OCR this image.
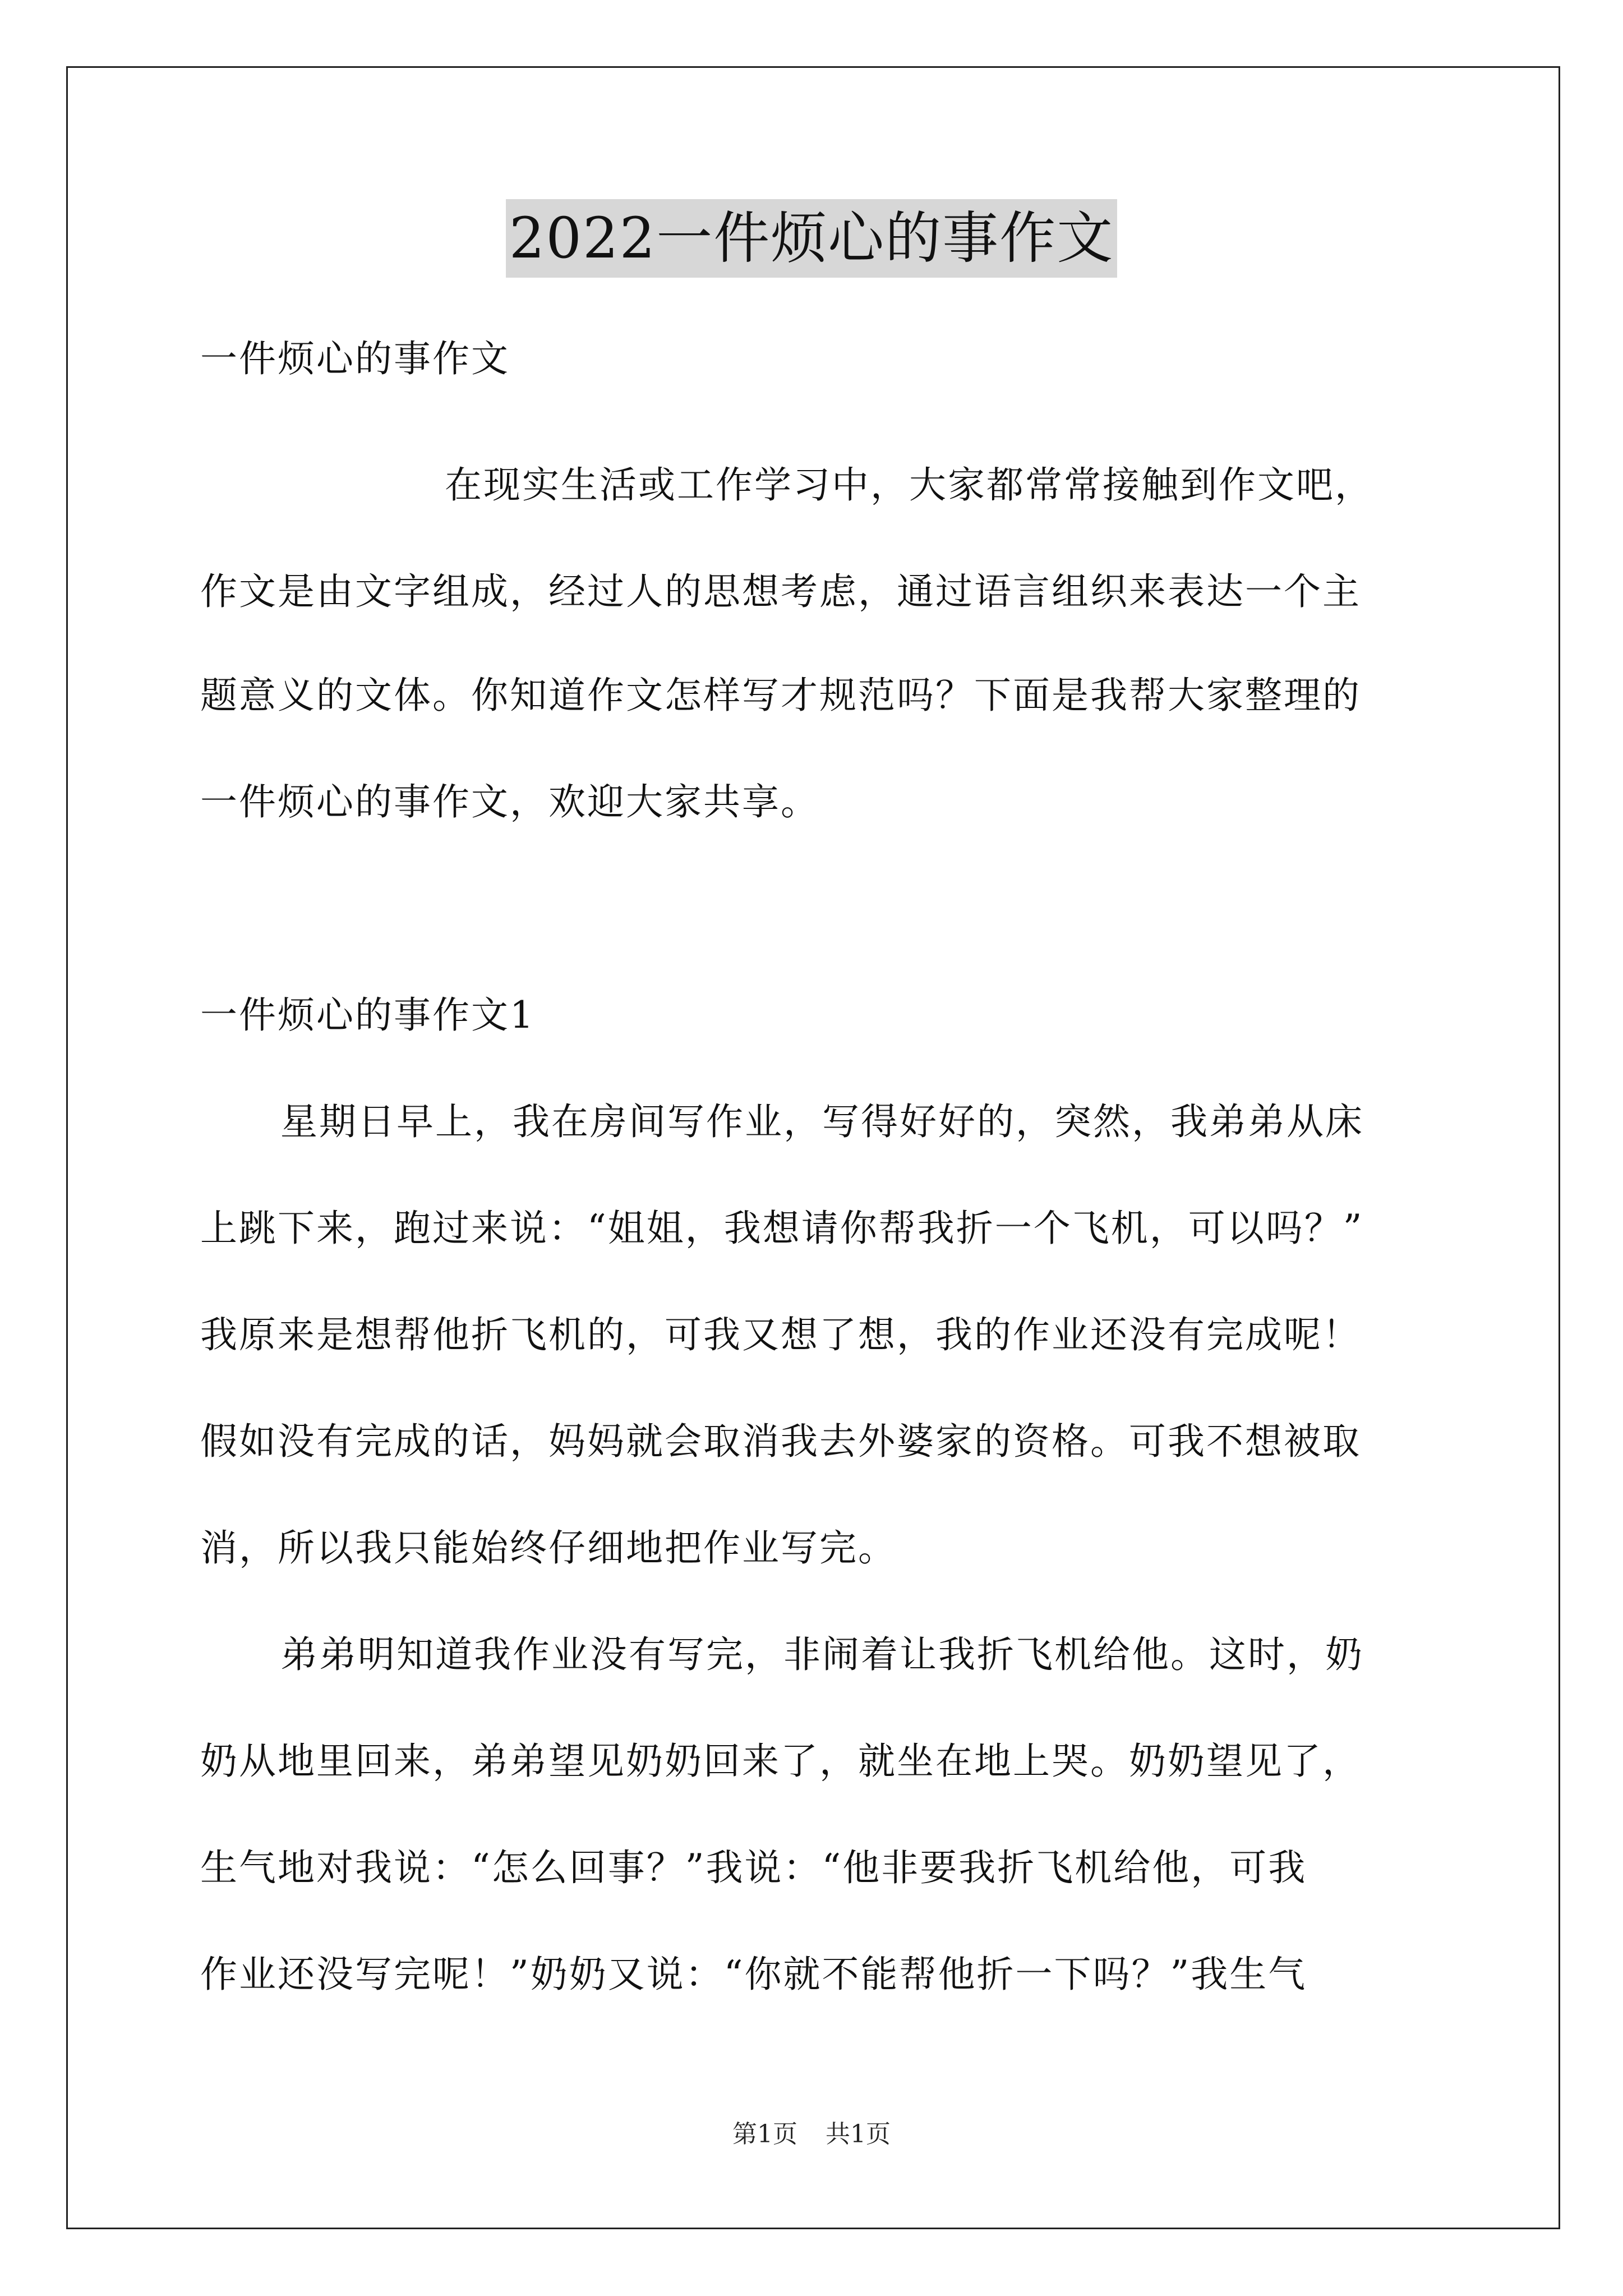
2022一件烦心的事作文
一件烦心的事作文
在现实生活或工作学习中，大家都常常接触到作文吧，
作文是由文字组成，经过人的思想考虑，通过语言组织来表达一个主
题意义的文体。你知道作文怎样写才规范吗？下面是我帮大家整理的
一件烦心的事作文，欢迎大家共享。
一件烦心的事作文1
星期日早上，我在房间写作业，写得好好的，突然，我弟弟从床
上跳下来，跑过来说：“姐姐，我想请你帮我折一个飞机，可以吗？”
我原来是想帮他折飞机的，可我又想了想，我的作业还没有完成呢！
假如没有完成的话，妈妈就会取消我去外婆家的资格。可我不想被取
消，所以我只能始终仔细地把作业写完。
弟弟明知道我作业没有写完，非闹着让我折飞机给他。这时，奶
奶从地里回来，弟弟望见奶奶回来了，就坐在地上哭。奶奶望见了，
生气地对我说：“怎么回事？”我说：“他非要我折飞机给他，可我
作业还没写完呢！”奶奶又说：“你就不能帮他折一下吗？”我生气
第1页 共1页
